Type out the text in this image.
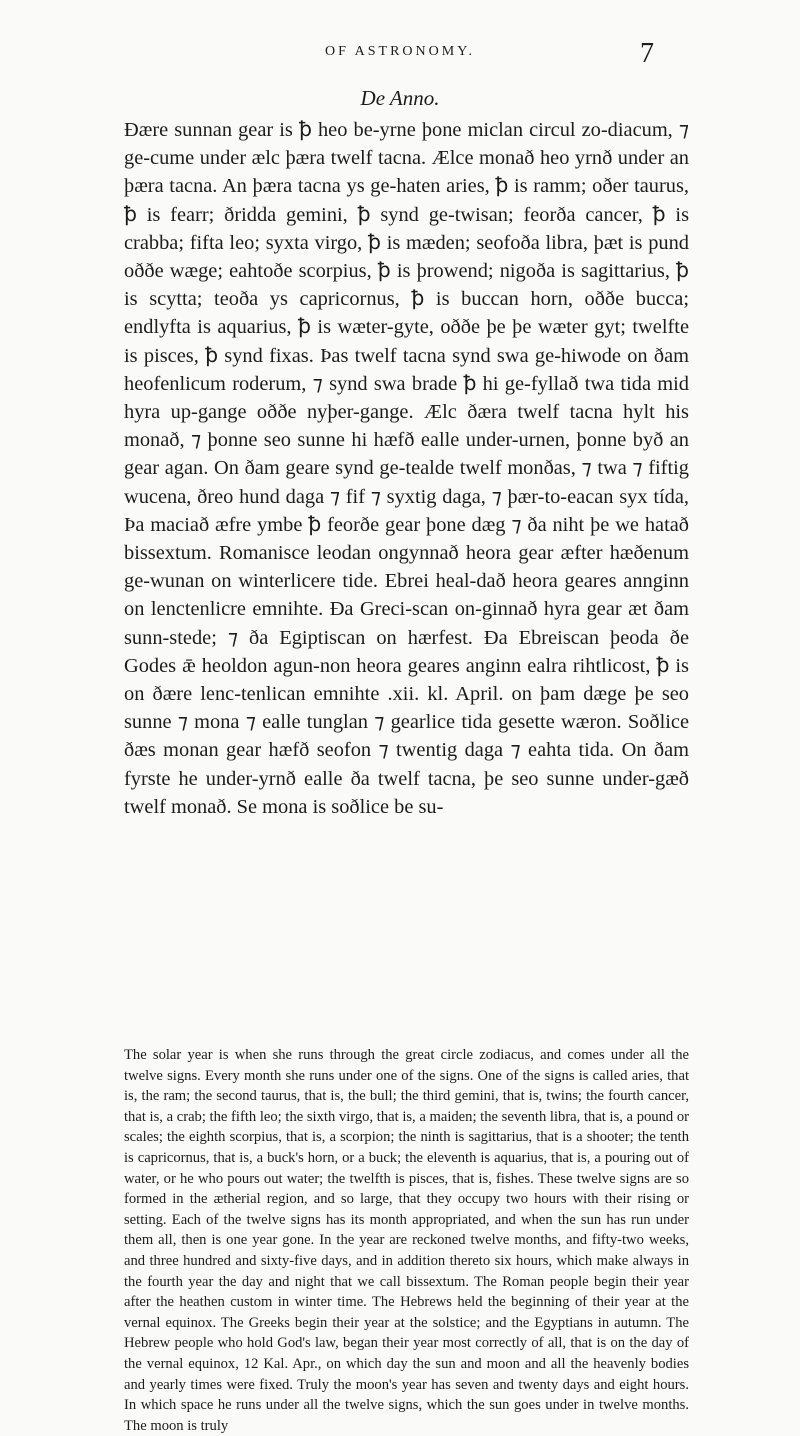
OF ASTRONOMY.	7
De Anno.
Ðære sunnan gear is ꝥ heo be-yrne þone miclan circul zo-diacum, ⁊ ge-cume under ælc þæra twelf tacna. Ælce monað heo yrnð under an þæra tacna. An þæra tacna ys ge-haten aries, ꝥ is ramm; oðer taurus, ꝥ is fearr; ðridda gemini, ꝥ synd ge-twisan; feorða cancer, ꝥ is crabba; fifta leo; syxta virgo, ꝥ is mæden; seofoða libra, þæt is pund oððe wæge; eahtoðe scorpius, ꝥ is þrowend; nigoða is sagittarius, ꝥ is scytta; teoða ys capricornus, ꝥ is buccan horn, oððe bucca; endlyfta is aquarius, ꝥ is wæter-gyte, oððe þe þe wæter gyt; twelfte is pisces, ꝥ synd fixas. Þas twelf tacna synd swa ge-hiwode on ðam heofenlicum roderum, ⁊ synd swa brade ꝥ hi ge-fyllað twa tida mid hyra up-gange oððe nyþer-gange. Ælc ðæra twelf tacna hylt his monað, ⁊ þonne seo sunne hi hæfð ealle under-urnen, þonne byð an gear agan. On ðam geare synd ge-tealde twelf monðas, ⁊ twa ⁊ fiftig wucena, ðreo hund daga ⁊ fif ⁊ syxtig daga, ⁊ þær-to-eacan syx tída, Þa maciað æfre ymbe ꝥ feorðe gear þone dæg ⁊ ða niht þe we hatað bissextum. Romanisce leodan ongynnað heora gear æfter hæðenum ge-wunan on winterlicere tide. Ebrei heal-dað heora geares annginn on lenctenlicre emnihte. Ða Greci-scan on-ginnað hyra gear æt ðam sunn-stede; ⁊ ða Egiptiscan on hærfest. Ða Ebreiscan þeoda ðe Godes ǣ heoldon agun-non heora geares anginn ealra rihtlicost, ꝥ is on ðære lenc-tenlican emnihte .xii. kl. April. on þam dæge þe seo sunne ⁊ mona ⁊ ealle tunglan ⁊ gearlice tida gesette wæron. Soðlice ðæs monan gear hæfð seofon ⁊ twentig daga ⁊ eahta tida. On ðam fyrste he under-yrnð ealle ða twelf tacna, þe seo sunne under-gæð twelf monað. Se mona is soðlice be su-
The solar year is when she runs through the great circle zodiacus, and comes under all the twelve signs. Every month she runs under one of the signs. One of the signs is called aries, that is, the ram; the second taurus, that is, the bull; the third gemini, that is, twins; the fourth cancer, that is, a crab; the fifth leo; the sixth virgo, that is, a maiden; the seventh libra, that is, a pound or scales; the eighth scorpius, that is, a scorpion; the ninth is sagittarius, that is a shooter; the tenth is capricornus, that is, a buck's horn, or a buck; the eleventh is aquarius, that is, a pouring out of water, or he who pours out water; the twelfth is pisces, that is, fishes. These twelve signs are so formed in the ætherial region, and so large, that they occupy two hours with their rising or setting. Each of the twelve signs has its month appropriated, and when the sun has run under them all, then is one year gone. In the year are reckoned twelve months, and fifty-two weeks, and three hundred and sixty-five days, and in addition thereto six hours, which make always in the fourth year the day and night that we call bissextum. The Roman people begin their year after the heathen custom in winter time. The Hebrews held the beginning of their year at the vernal equinox. The Greeks begin their year at the solstice; and the Egyptians in autumn. The Hebrew people who hold God's law, began their year most correctly of all, that is on the day of the vernal equinox, 12 Kal. Apr., on which day the sun and moon and all the heavenly bodies and yearly times were fixed. Truly the moon's year has seven and twenty days and eight hours. In which space he runs under all the twelve signs, which the sun goes under in twelve months. The moon is truly
